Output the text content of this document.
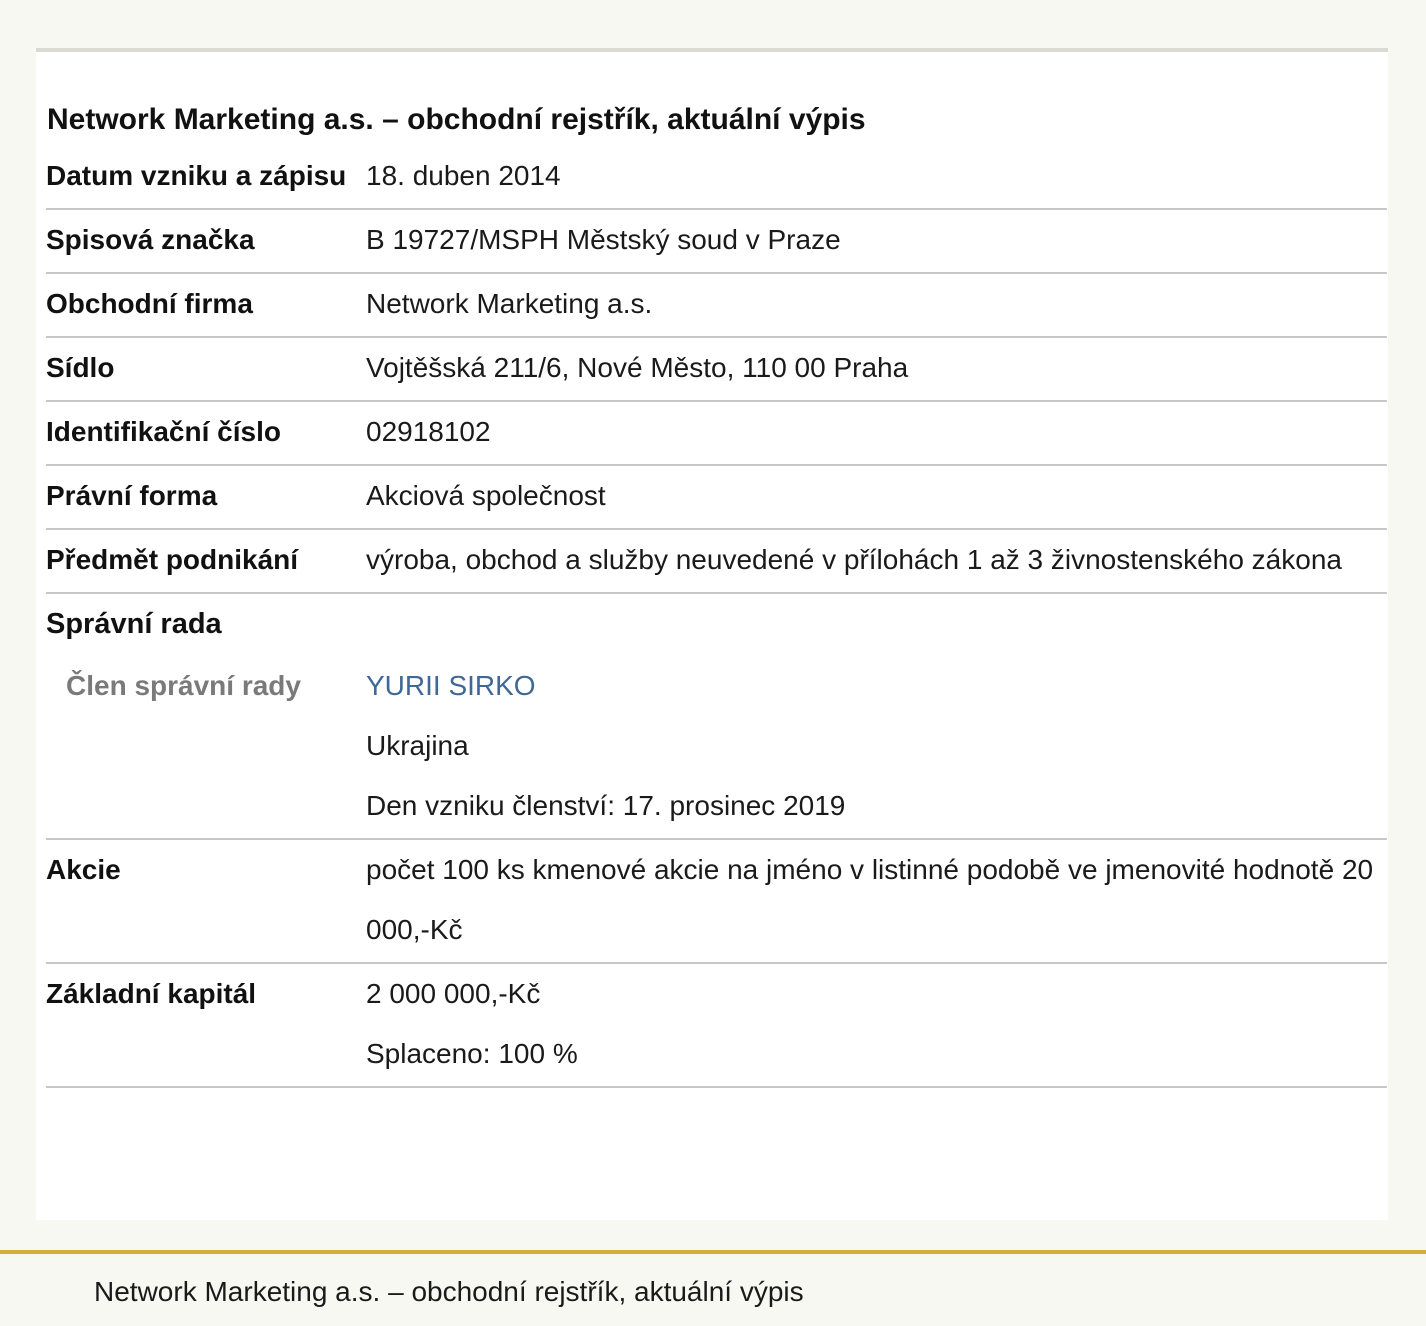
Network Marketing a.s. – obchodní rejstřík, aktuální výpis
Datum vzniku a zápisu 18. duben 2014
Spisová značka	B 19727/MSPH Městský soud v Praze
Obchodní firma	Network Marketing a.s.
Sídlo	Vojtěšská 211/6, Nové Město, 110 00 Praha
Identifikační číslo	02918102
Právní forma	Akciová společnost
Předmět podnikání	výroba, obchod a služby neuvedené v přílohách 1 až 3 živnostenského zákona
Správní rada
Člen správní rady	YURII SIRKO
Ukrajina
Den vzniku členství: 17. prosinec 2019
Akcie	počet 100 ks kmenové akcie na jméno v listinné podobě ve jmenovité hodnotě 20 000,-Kč
Základní kapitál	2 000 000,-Kč
Splaceno: 100 %
Network Marketing a.s. – obchodní rejstřík, aktuální výpis
